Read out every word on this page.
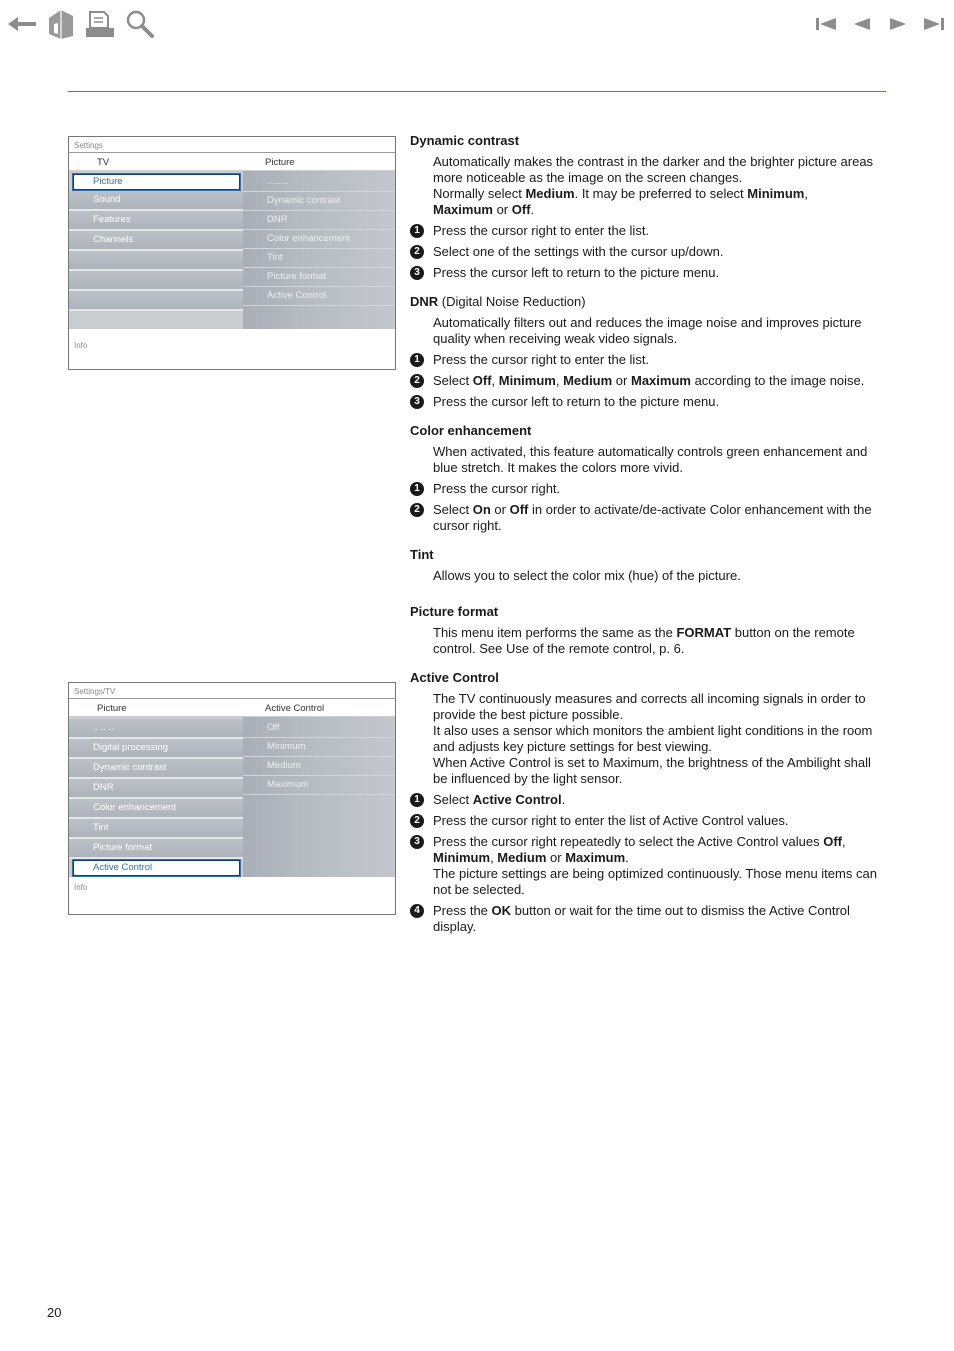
Settings
TV	Picture
Picture
Sound
Features
Channels
........
Dynamic contrast
DNR
Color enhancement
Tint
Picture format
Active Control
Info
Settings/TV
Picture	Active Control
........
Digital processing
Dynamic contrast
DNR
Color enhancement
Tint
Picture format
Active Control
Off
Minimum
Medium
Maximum
Info
Dynamic contrast

Automatically makes the contrast in the darker and the brighter picture areas more noticeable as the image on the screen changes.

Normally select Medium. It may be preferred to select Minimum,
Maximum or Off.

1	Press the cursor right to enter the list.
2	Select one of the settings with the cursor up/down.
3	Press the cursor left to return to the picture menu.
DNR (Digital Noise Reduction)

Automatically filters out and reduces the image noise and improves picture quality when receiving weak video signals.

1	Press the cursor right to enter the list.
2	Select Off, Minimum, Medium or Maximum according to the image noise.
3	Press the cursor left to return to the picture menu.
Color enhancement

When activated, this feature automatically controls green enhancement and blue stretch. It makes the colors more vivid.

1	Press the cursor right.
2	Select On or Off in order to activate/de-activate Color enhancement with the cursor right.
Tint

Allows you to select the color mix (hue) of the picture.

Picture format

This menu item performs the same as the FORMAT button on the remote control. See Use of the remote control, p. 6.

Active Control

The TV continuously measures and corrects all incoming signals in order to provide the best picture possible.

It also uses a sensor which monitors the ambient light conditions in the room and adjusts key picture settings for best viewing.

When Active Control is set to Maximum, the brightness of the Ambilight shall be influenced by the light sensor.

1	Select Active Control.
2	Press the cursor right to enter the list of Active Control values.
3	Press the cursor right repeatedly to select the Active Control values Off,
Minimum, Medium or Maximum.
The picture settings are being optimized continuously. Those menu items can not be selected.
4	Press the OK button or wait for the time out to dismiss the Active Control display.
20
